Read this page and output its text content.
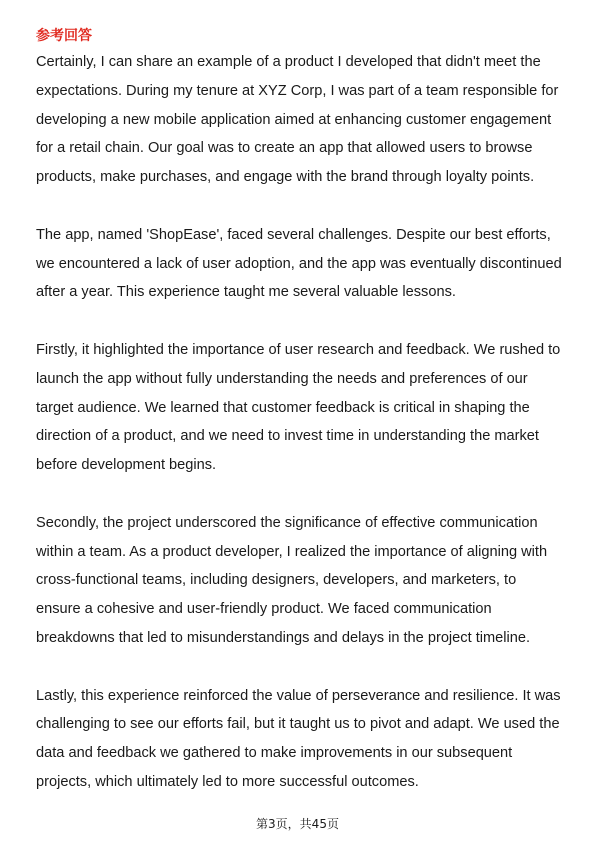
参考回答

Certainly, I can share an example of a product I developed that didn't meet the expectations. During my tenure at XYZ Corp, I was part of a team responsible for developing a new mobile application aimed at enhancing customer engagement for a retail chain. Our goal was to create an app that allowed users to browse products, make purchases, and engage with the brand through loyalty points.

The app, named 'ShopEase', faced several challenges. Despite our best efforts, we encountered a lack of user adoption, and the app was eventually discontinued after a year. This experience taught me several valuable lessons.

Firstly, it highlighted the importance of user research and feedback. We rushed to launch the app without fully understanding the needs and preferences of our target audience. We learned that customer feedback is critical in shaping the direction of a product, and we need to invest time in understanding the market before development begins.

Secondly, the project underscored the significance of effective communication within a team. As a product developer, I realized the importance of aligning with cross-functional teams, including designers, developers, and marketers, to ensure a cohesive and user-friendly product. We faced communication breakdowns that led to misunderstandings and delays in the project timeline.

Lastly, this experience reinforced the value of perseverance and resilience. It was challenging to see our efforts fail, but it taught us to pivot and adapt. We used the data and feedback we gathered to make improvements in our subsequent projects, which ultimately led to more successful outcomes.

第3页，共45页
